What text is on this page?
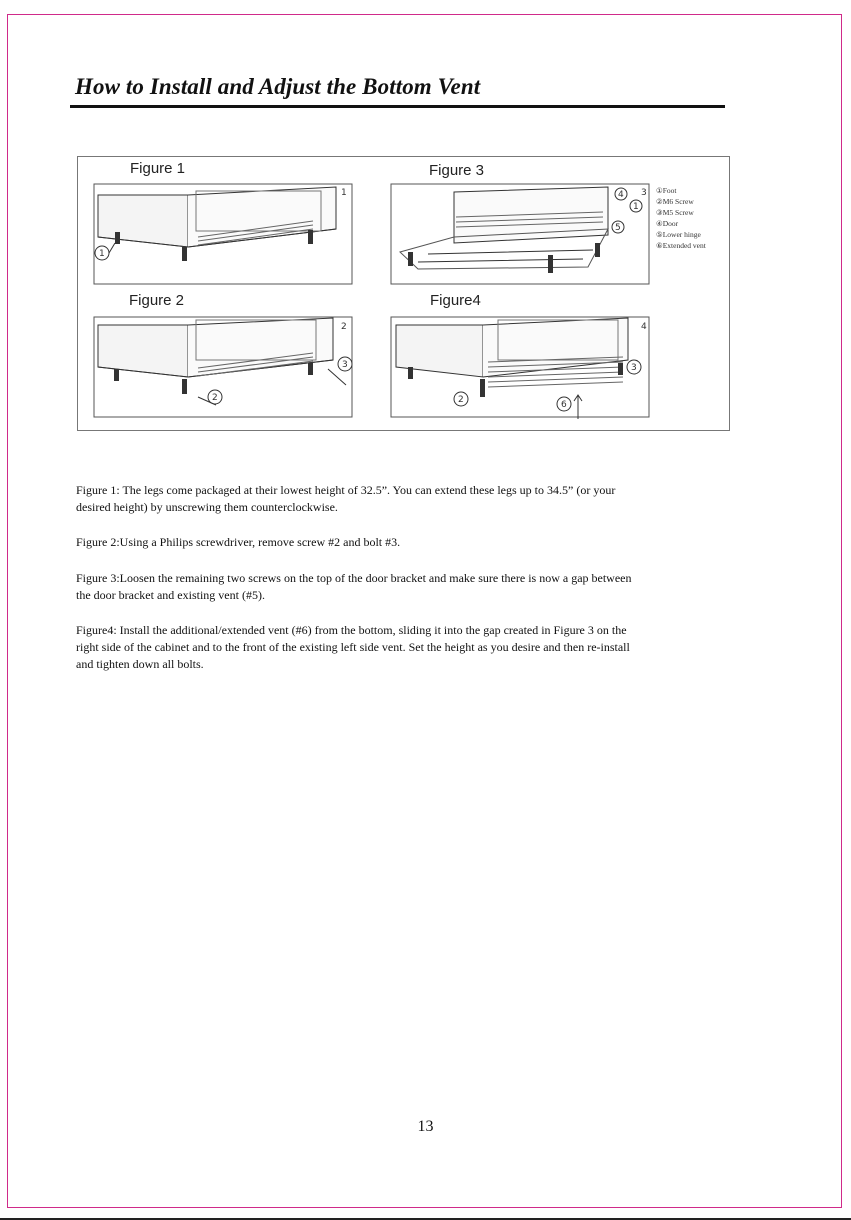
How to Install and Adjust the Bottom Vent
1
2
3
4
1
2
3
4
1
5
2
3
6
Figure 1
Figure 2
Figure 3
Figure4
①Foot
②M6 Screw
③M5 Screw
④Door
⑤Lower hinge
⑥Extended vent
Figure 1: The legs come packaged at their lowest height of 32.5”. You can extend these legs up to 34.5” (or your
desired height) by unscrewing them counterclockwise.
Figure 2:Using a Philips screwdriver, remove screw #2 and bolt #3.
Figure 3:Loosen the remaining two screws on the top of the door bracket and make sure there is now a gap between
the door bracket and existing vent (#5).
Figure4: Install the additional/extended vent (#6) from the bottom, sliding it into the gap created in Figure 3 on the
right side of the cabinet and to the front of the existing left side vent. Set the height as you desire and then re-install
and tighten down all bolts.
13
